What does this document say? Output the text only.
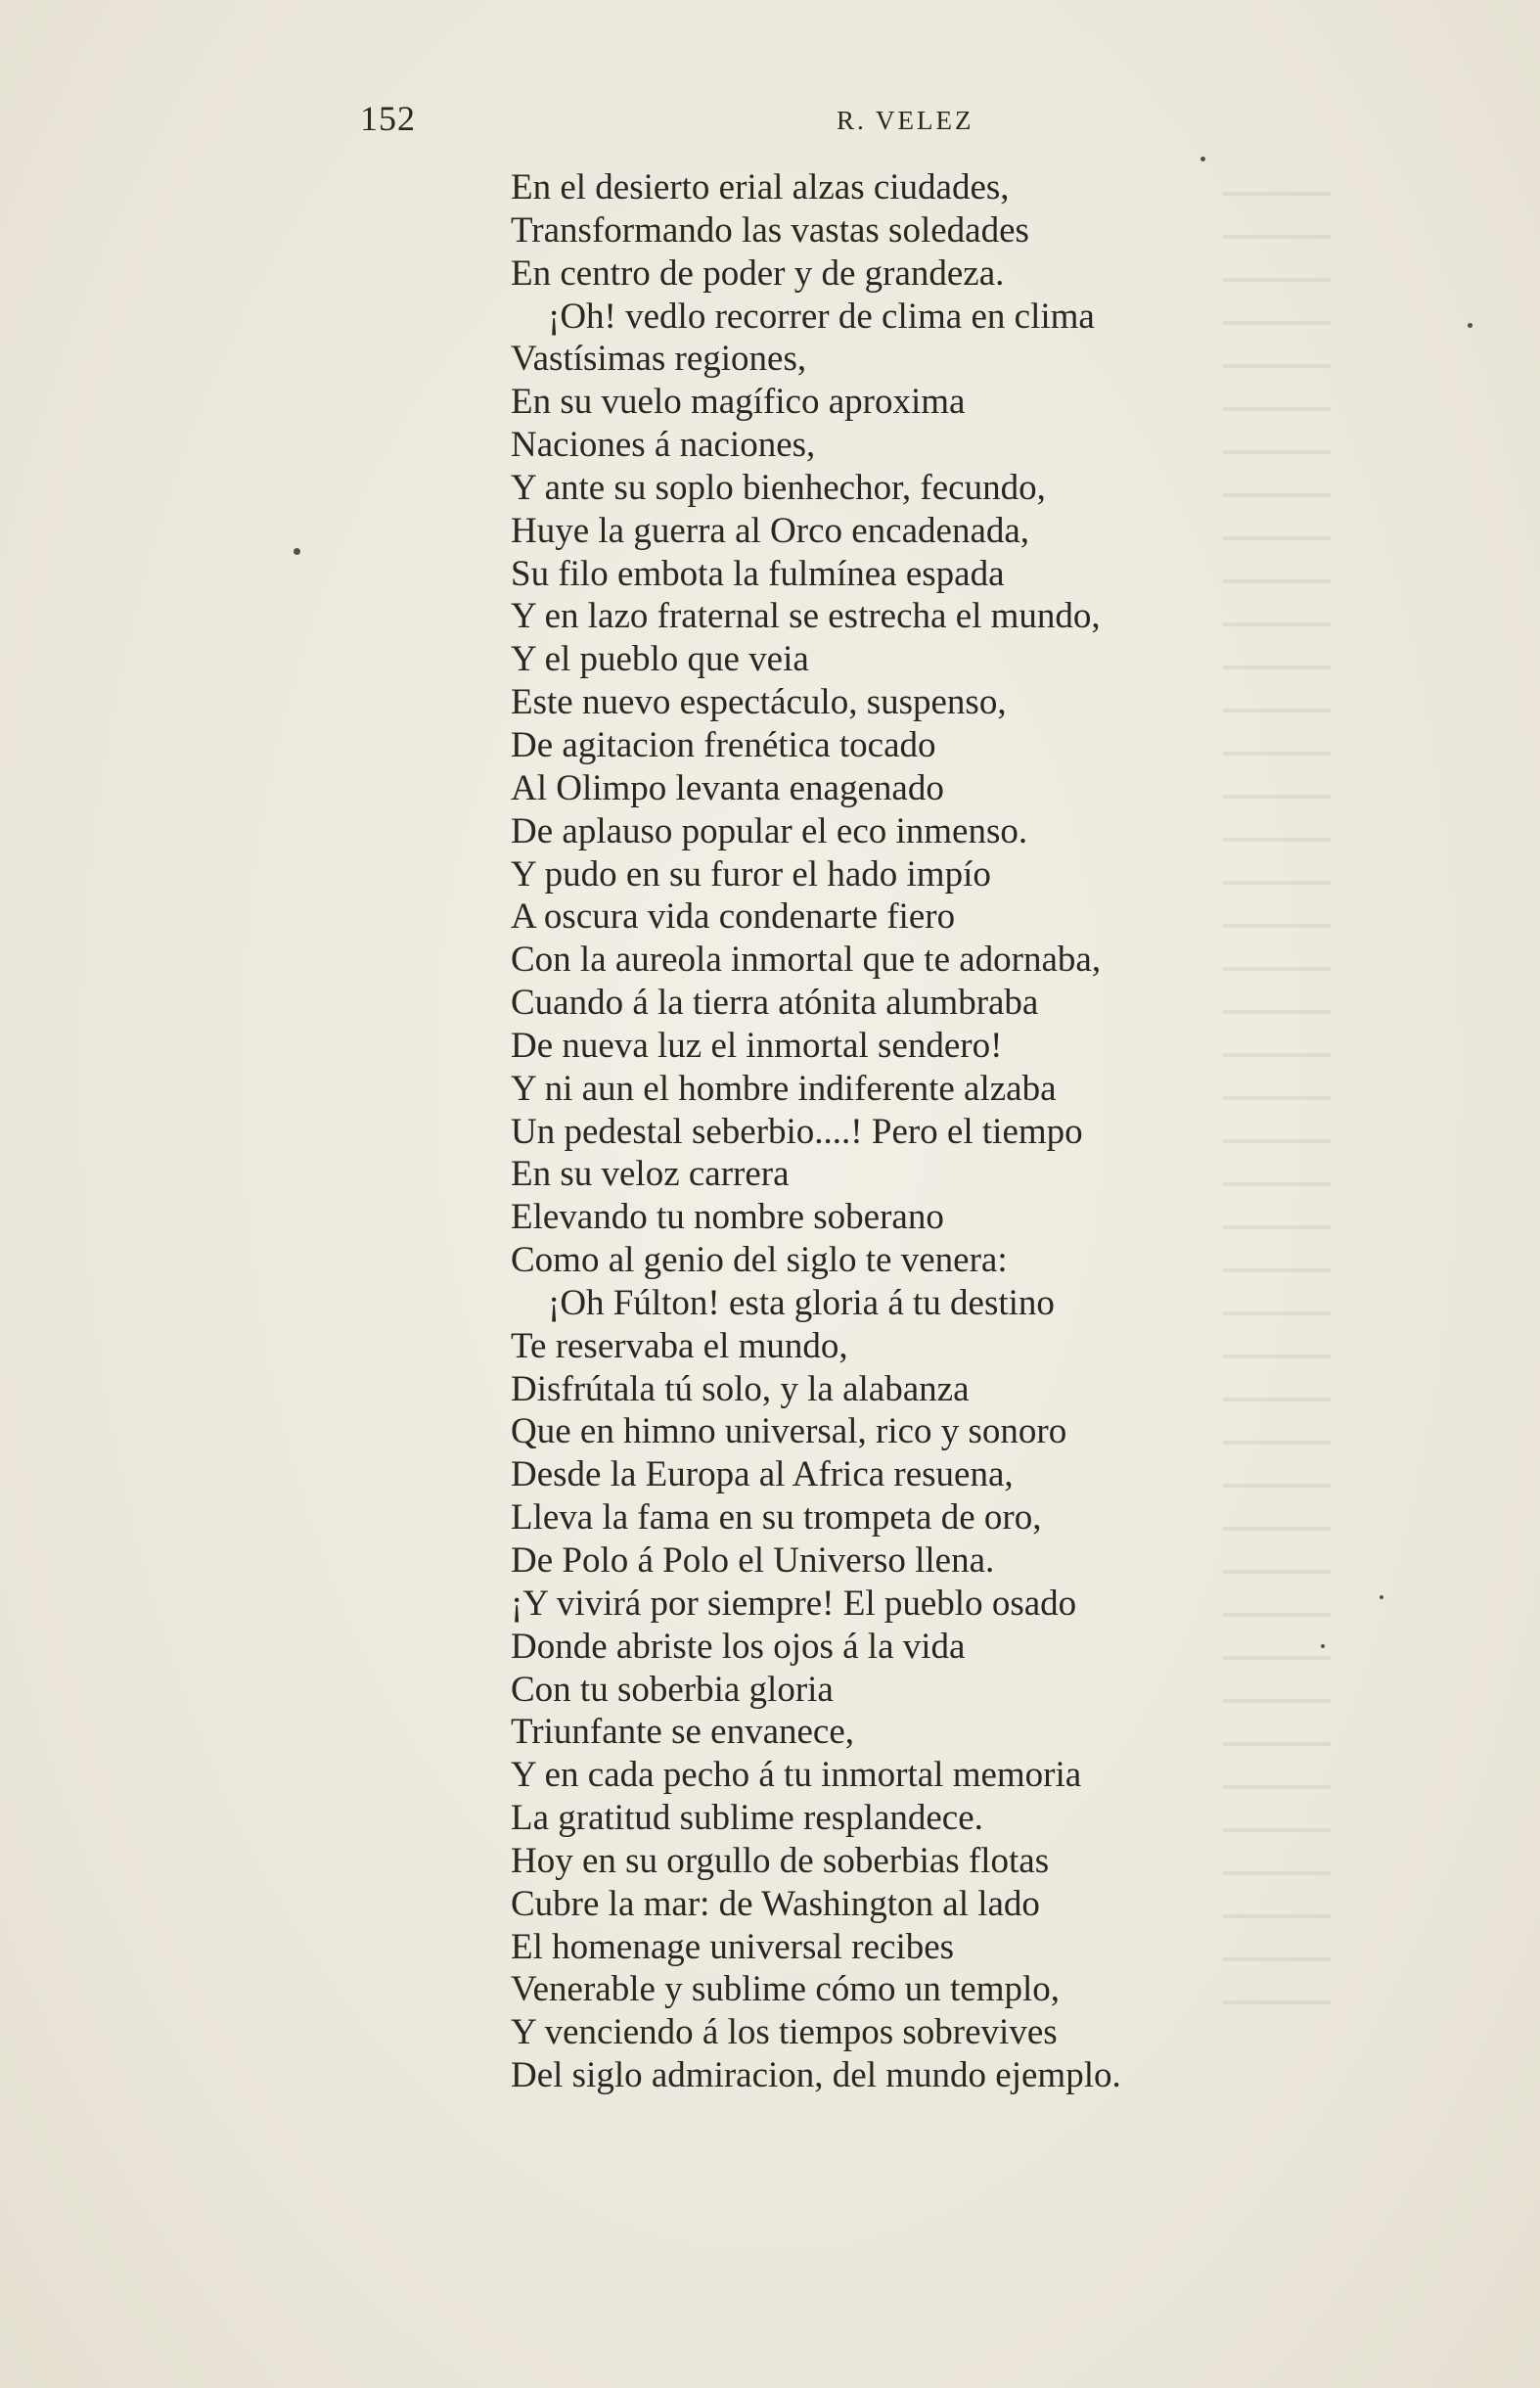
152	R. VELEZ
En el desierto erial alzas ciudades,
Transformando las vastas soledades
En centro de poder y de grandeza.
¡Oh! vedlo recorrer de clima en clima
Vastísimas regiones,
En su vuelo magífico aproxima
Naciones á naciones,
Y ante su soplo bienhechor, fecundo,
Huye la guerra al Orco encadenada,
Su filo embota la fulmínea espada
Y en lazo fraternal se estrecha el mundo,
Y el pueblo que veia
Este nuevo espectáculo, suspenso,
De agitacion frenética tocado
Al Olimpo levanta enagenado
De aplauso popular el eco inmenso.
Y pudo en su furor el hado impío
A oscura vida condenarte fiero
Con la aureola inmortal que te adornaba,
Cuando á la tierra atónita alumbraba
De nueva luz el inmortal sendero!
Y ni aun el hombre indiferente alzaba
Un pedestal seberbio....! Pero el tiempo
En su veloz carrera
Elevando tu nombre soberano
Como al genio del siglo te venera:
¡Oh Fúlton! esta gloria á tu destino
Te reservaba el mundo,
Disfrútala tú solo, y la alabanza
Que en himno universal, rico y sonoro
Desde la Europa al Africa resuena,
Lleva la fama en su trompeta de oro,
De Polo á Polo el Universo llena.
¡Y vivirá por siempre! El pueblo osado
Donde abriste los ojos á la vida
Con tu soberbia gloria
Triunfante se envanece,
Y en cada pecho á tu inmortal memoria
La gratitud sublime resplandece.
Hoy en su orgullo de soberbias flotas
Cubre la mar: de Washington al lado
El homenage universal recibes
Venerable y sublime cómo un templo,
Y venciendo á los tiempos sobrevives
Del siglo admiracion, del mundo ejemplo.
